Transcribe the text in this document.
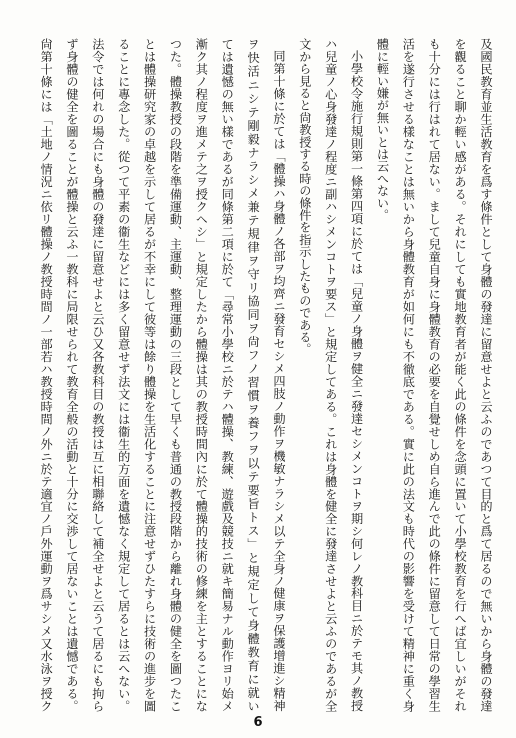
及國民教育並生活教育を爲す條件として身體の發達に留意せよと云ふのであつて目的と爲て居るので無いから身體の發達
を觀ること聊か輕い感がある。それにしても實地教育者が能く此の條件を念頭に置いて小學校教育を行へば宜しいがそれ
も十分には行はれて居ない。まして兒童自身に身體教育の必要を自覺せしめ自ら進んで此の條件に留意して日常の學習生
活を遂行させる樣なことは無いから身體教育が如何にも不徹底である。實に此の法文も時代の影響を受けて精神に重く身
體に輕い嫌が無いとは云へない。
小學校令施行規則第一條第四項に於ては「兒童ノ身體ヲ健全ニ發達セシメンコトヲ期シ何レノ教科目ニ於テモ其ノ教授
ハ兒童ノ心身發達ノ程度ニ副ハシメンコトヲ要ス」と規定してある。これは身體を健全に發達させよと云ふのであるが全
文から見ると尙教授する時の條件を指示したものである。
同第十條に於ては「體操ハ身體ノ各部ヲ均齊ニ發育セシメ四肢ノ動作ヲ機敏ナラシメ以テ全身ノ健康ヲ保護增進シ精神
ヲ快活ニシテ剛毅ナラシメ兼テ規律ヲ守リ協同ヲ尙フノ習慣ヲ養フヲ以テ要旨トス」と規定して身體教育に就い
ては遺憾の無い樣であるが同條第二項に於て「尋常小學校ニ於テハ體操、教練、遊戲及競技ニ就キ簡易ナル動作ヨリ始メ
漸ク其ノ程度ヲ進メテ之ヲ授クヘシ」と規定したから體操は其の教授時間內に於て體操的技術の修練を主とすることにな
つた。體操教授の段階を準備運動、主運動、整理運動の三段として早くも普通の教授段階から離れ身體の健全を圖つたこ
とは體操研究家の卓越を示して居るが不幸にして彼等は餘り體操を生活化することに注意せずひたすらに技術の進步を圖
ることに專念した。從つて平素の衞生などには多く留意せず法文には衞生的方面を遺憾なく規定して居るとは云へない。
法令では何れの場合にも身體の發達に留意せよと云ひ又各教科目の教授は互に相聯絡して補全せよと云うて居るにも拘ら
ず身體の健全を圖ることが體操と云ふ一教科に局限せられて教育全般の活動と十分に交渉して居ないことは遺憾である。
尙第十條には「土地ノ情況ニ依リ體操ノ教授時間ノ一部若ハ教授時間ノ外ニ於テ適宜ノ戶外運動ヲ爲サシメ又水泳ヲ授ク
6
